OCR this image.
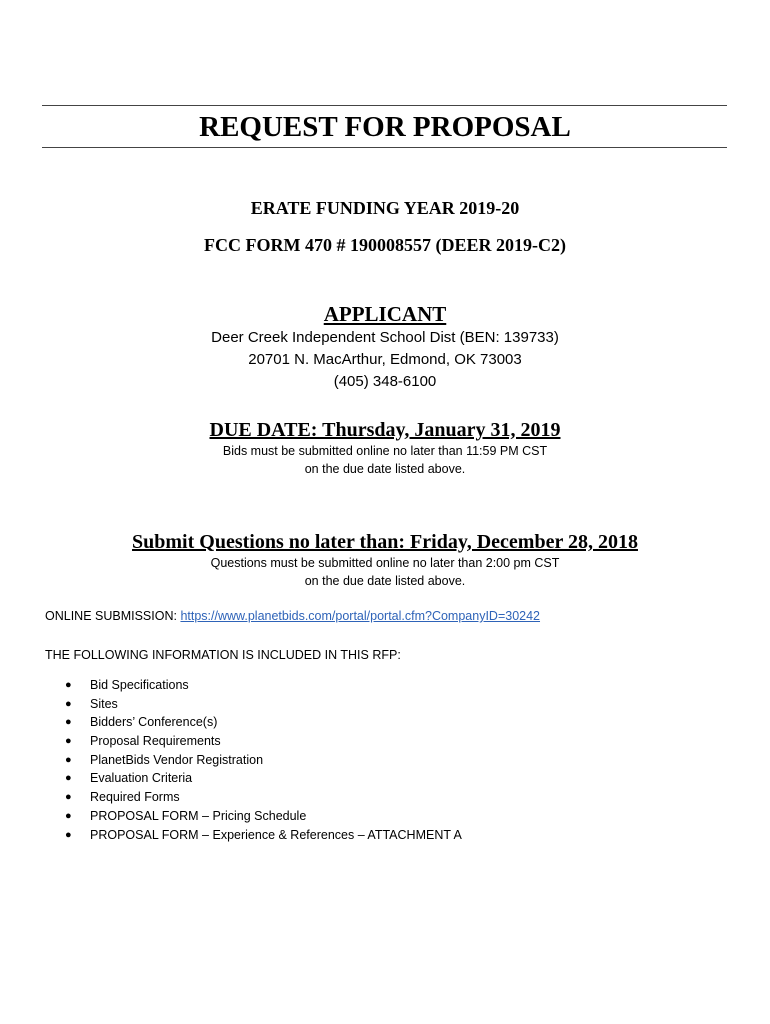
REQUEST FOR PROPOSAL
ERATE FUNDING YEAR 2019-20
FCC FORM 470 # 190008557 (DEER 2019-C2)
APPLICANT
Deer Creek Independent School Dist (BEN: 139733)
20701 N. MacArthur, Edmond, OK 73003
(405) 348-6100
DUE DATE: Thursday, January 31, 2019
Bids must be submitted online no later than 11:59 PM CST
on the due date listed above.
Submit Questions no later than: Friday, December 28, 2018
Questions must be submitted online no later than 2:00 pm CST
on the due date listed above.
ONLINE SUBMISSION: https://www.planetbids.com/portal/portal.cfm?CompanyID=30242
THE FOLLOWING INFORMATION IS INCLUDED IN THIS RFP:
● Bid Specifications
● Sites
● Bidders’ Conference(s)
● Proposal Requirements
● PlanetBids Vendor Registration
● Evaluation Criteria
● Required Forms
● PROPOSAL FORM – Pricing Schedule
● PROPOSAL FORM – Experience & References – ATTACHMENT A
